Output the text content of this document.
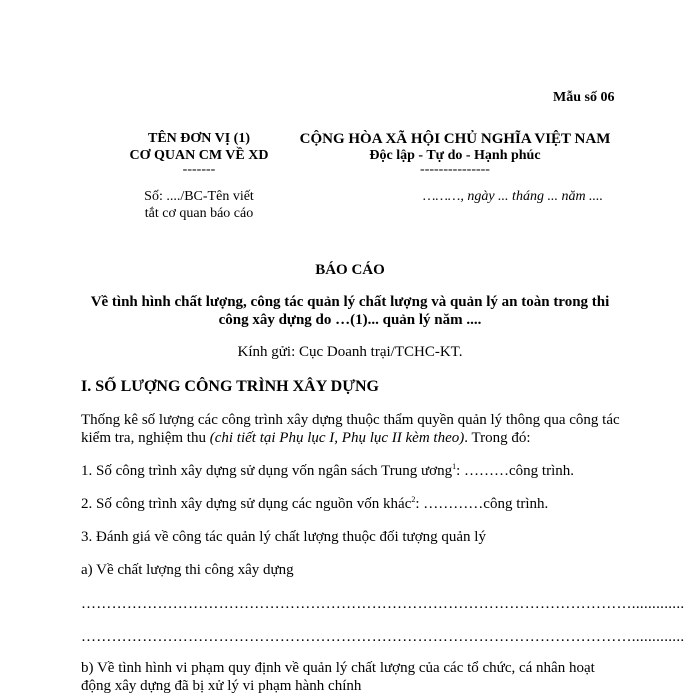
Mẫu số 06
TÊN ĐƠN VỊ (1)
CƠ QUAN CM VỀ XD
-------
Số: ..../BC-Tên viết
tắt cơ quan báo cáo
CỘNG HÒA XÃ HỘI CHỦ NGHĨA VIỆT NAM
Độc lập - Tự do - Hạnh phúc
---------------
………, ngày ... tháng ... năm ....
BÁO CÁO
Về tình hình chất lượng, công tác quản lý chất lượng và quản lý an toàn trong thi
công xây dựng do …(1)... quản lý năm ....
Kính gửi: Cục Doanh trại/TCHC-KT.
I. SỐ LƯỢNG CÔNG TRÌNH XÂY DỰNG
Thống kê số lượng các công trình xây dựng thuộc thẩm quyền quản lý thông qua công tác
kiểm tra, nghiệm thu (chi tiết tại Phụ lục I, Phụ lục II kèm theo). Trong đó:
1. Số công trình xây dựng sử dụng vốn ngân sách Trung ương$^1$: ………công trình.
2. Số công trình xây dựng sử dụng các nguồn vốn khác$^2$: …………công trình.
3. Đánh giá về công tác quản lý chất lượng thuộc đối tượng quản lý
a) Về chất lượng thi công xây dựng
……………………………………………………………………………………………….............
……………………………………………………………………………………………….............
b) Về tình hình vi phạm quy định về quản lý chất lượng của các tổ chức, cá nhân hoạt
động xây dựng đã bị xử lý vi phạm hành chính
